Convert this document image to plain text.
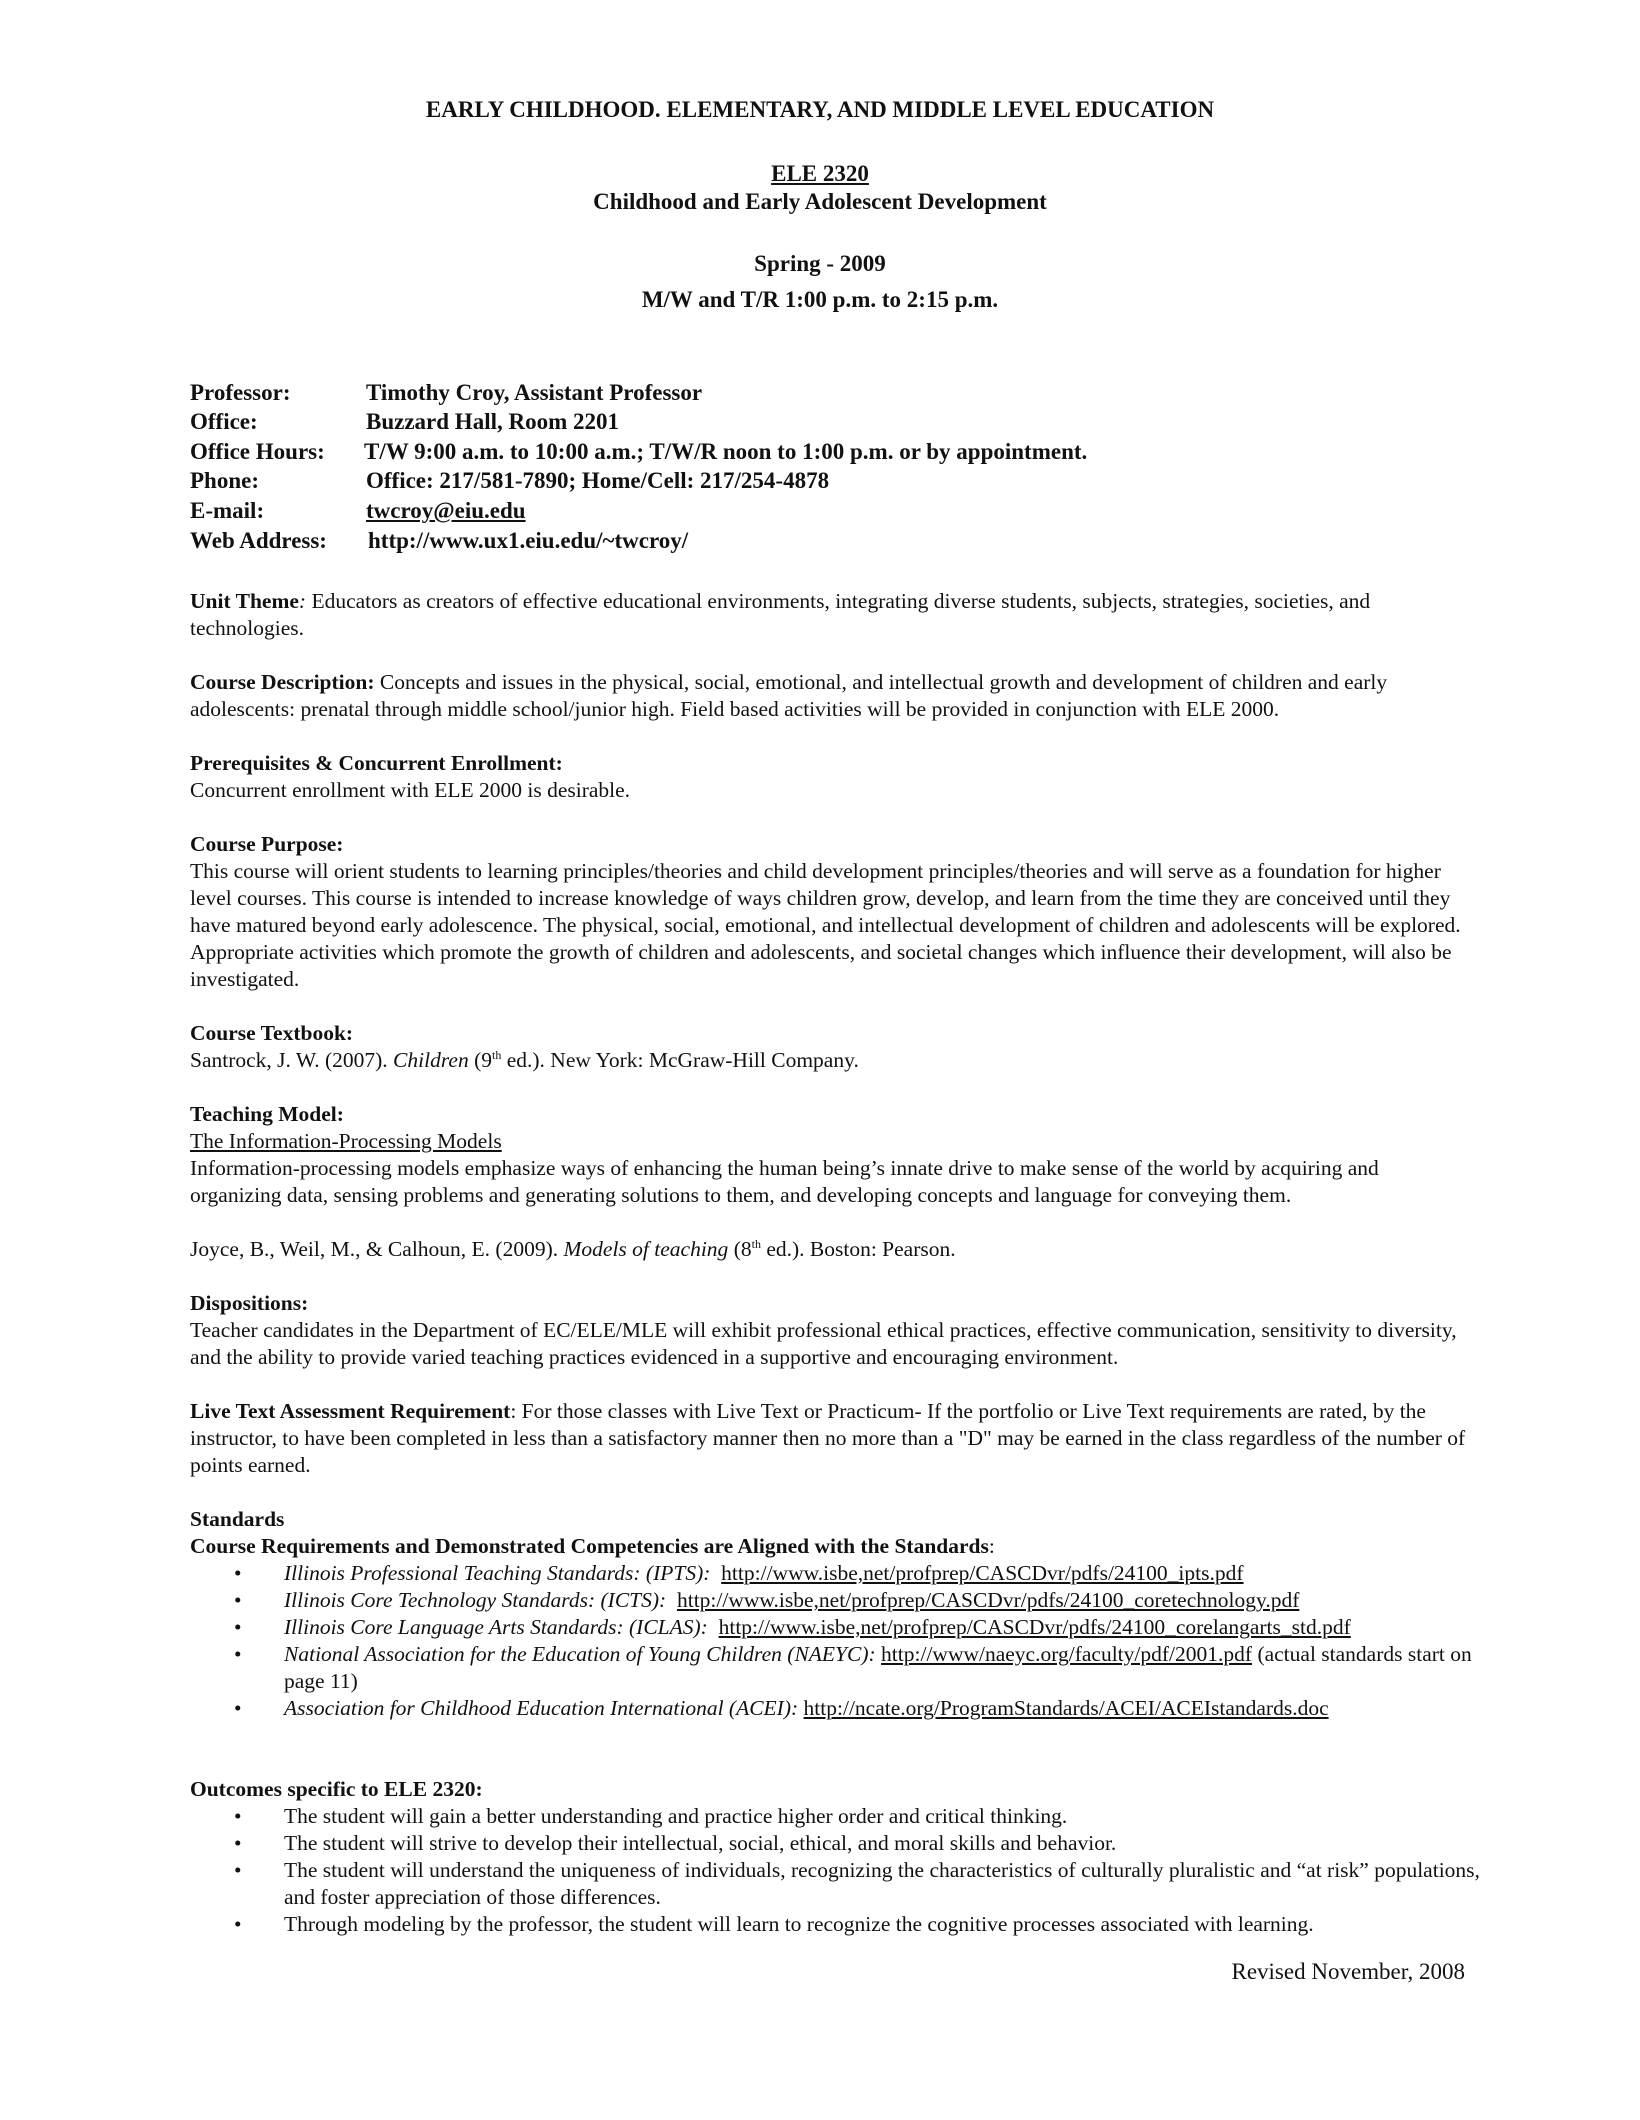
EARLY CHILDHOOD. ELEMENTARY, AND MIDDLE LEVEL EDUCATION
ELE 2320
Childhood and Early Adolescent Development
Spring - 2009
M/W and T/R 1:00 p.m. to 2:15 p.m.
Professor:	Timothy Croy, Assistant Professor
Office:	Buzzard Hall, Room 2201
Office Hours: T/W 9:00 a.m. to 10:00 a.m.; T/W/R noon to 1:00 p.m. or by appointment.
Phone:	Office: 217/581-7890; Home/Cell: 217/254-4878
E-mail:	twcroy@eiu.edu
Web Address: http://www.ux1.eiu.edu/~twcroy/
Unit Theme: Educators as creators of effective educational environments, integrating diverse students, subjects, strategies, societies, and technologies.
Course Description: Concepts and issues in the physical, social, emotional, and intellectual growth and development of children and early adolescents: prenatal through middle school/junior high. Field based activities will be provided in conjunction with ELE 2000.
Prerequisites & Concurrent Enrollment:
Concurrent enrollment with ELE 2000 is desirable.
Course Purpose:
This course will orient students to learning principles/theories and child development principles/theories and will serve as a foundation for higher level courses. This course is intended to increase knowledge of ways children grow, develop, and learn from the time they are conceived until they have matured beyond early adolescence. The physical, social, emotional, and intellectual development of children and adolescents will be explored. Appropriate activities which promote the growth of children and adolescents, and societal changes which influence their development, will also be investigated.
Course Textbook:
Santrock, J. W. (2007). Children (9th ed.). New York: McGraw-Hill Company.
Teaching Model:
The Information-Processing Models
Information-processing models emphasize ways of enhancing the human being’s innate drive to make sense of the world by acquiring and organizing data, sensing problems and generating solutions to them, and developing concepts and language for conveying them.
Joyce, B., Weil, M., & Calhoun, E. (2009). Models of teaching (8th ed.). Boston: Pearson.
Dispositions:
Teacher candidates in the Department of EC/ELE/MLE will exhibit professional ethical practices, effective communication, sensitivity to diversity, and the ability to provide varied teaching practices evidenced in a supportive and encouraging environment.
Live Text Assessment Requirement: For those classes with Live Text or Practicum- If the portfolio or Live Text requirements are rated, by the instructor, to have been completed in less than a satisfactory manner then no more than a "D" may be earned in the class regardless of the number of points earned.
Standards
Course Requirements and Demonstrated Competencies are Aligned with the Standards:
• Illinois Professional Teaching Standards: (IPTS): http://www.isbe,net/profprep/CASCDvr/pdfs/24100_ipts.pdf
• Illinois Core Technology Standards: (ICTS): http://www.isbe,net/profprep/CASCDvr/pdfs/24100_coretechnology.pdf
• Illinois Core Language Arts Standards: (ICLAS): http://www.isbe,net/profprep/CASCDvr/pdfs/24100_corelangarts_std.pdf
• National Association for the Education of Young Children (NAEYC): http://www/naeyc.org/faculty/pdf/2001.pdf (actual standards start on page 11)
• Association for Childhood Education International (ACEI): http://ncate.org/ProgramStandards/ACEI/ACEIstandards.doc
Outcomes specific to ELE 2320:
• The student will gain a better understanding and practice higher order and critical thinking.
• The student will strive to develop their intellectual, social, ethical, and moral skills and behavior.
• The student will understand the uniqueness of individuals, recognizing the characteristics of culturally pluralistic and “at risk” populations, and foster appreciation of those differences.
• Through modeling by the professor, the student will learn to recognize the cognitive processes associated with learning.
Revised November, 2008
